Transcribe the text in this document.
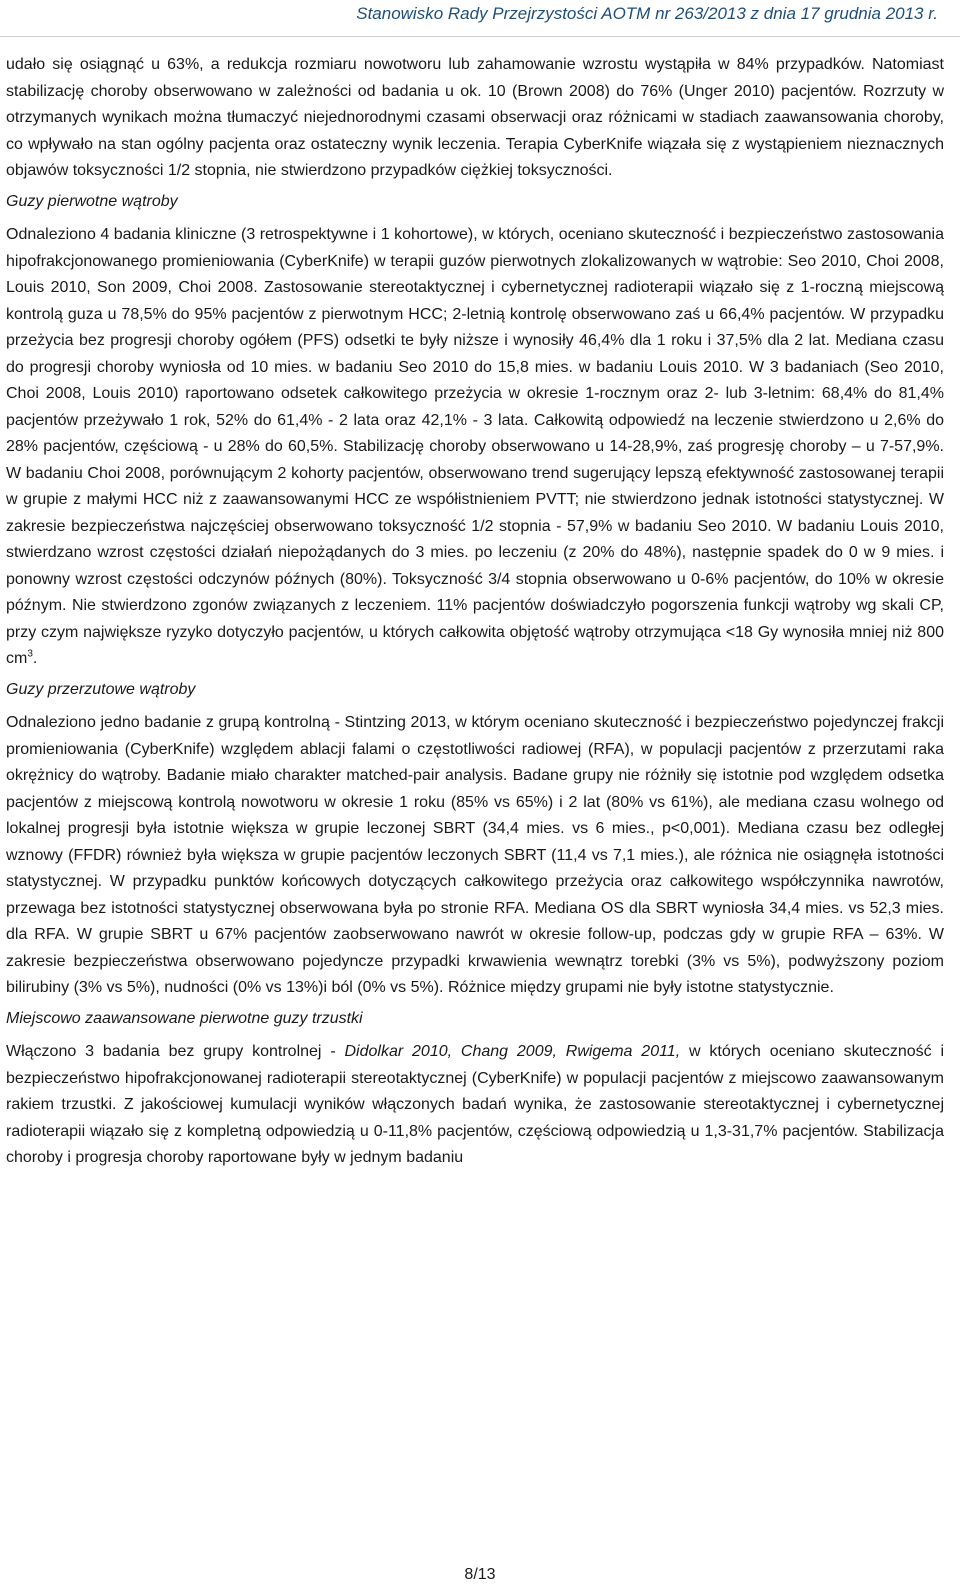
Stanowisko Rady Przejrzystości AOTM nr 263/2013 z dnia 17 grudnia 2013 r.

udało się osiągnąć u 63%, a redukcja rozmiaru nowotworu lub zahamowanie wzrostu wystąpiła w 84% przypadków. Natomiast stabilizację choroby obserwowano w zależności od badania u ok. 10 (Brown 2008) do 76% (Unger 2010) pacjentów. Rozrzuty w otrzymanych wynikach można tłumaczyć niejednorodnymi czasami obserwacji oraz różnicami w stadiach zaawansowania choroby, co wpływało na stan ogólny pacjenta oraz ostateczny wynik leczenia. Terapia CyberKnife wiązała się z wystąpieniem nieznacznych objawów toksyczności 1/2 stopnia, nie stwierdzono przypadków ciężkiej toksyczności.

Guzy pierwotne wątroby

Odnaleziono 4 badania kliniczne (3 retrospektywne i 1 kohortowe), w których, oceniano skuteczność i bezpieczeństwo zastosowania hipofrakcjonowanego promieniowania (CyberKnife) w terapii guzów pierwotnych zlokalizowanych w wątrobie: Seo 2010, Choi 2008, Louis 2010, Son 2009, Choi 2008. Zastosowanie stereotaktycznej i cybernetycznej radioterapii wiązało się z 1-roczną miejscową kontrolą guza u 78,5% do 95% pacjentów z pierwotnym HCC; 2-letnią kontrolę obserwowano zaś u 66,4% pacjentów. W przypadku przeżycia bez progresji choroby ogółem (PFS) odsetki te były niższe i wynosiły 46,4% dla 1 roku i 37,5% dla 2 lat. Mediana czasu do progresji choroby wyniosła od 10 mies. w badaniu Seo 2010 do 15,8 mies. w badaniu Louis 2010. W 3 badaniach (Seo 2010, Choi 2008, Louis 2010) raportowano odsetek całkowitego przeżycia w okresie 1-rocznym oraz 2- lub 3-letnim: 68,4% do 81,4% pacjentów przeżywało 1 rok, 52% do 61,4% - 2 lata oraz 42,1% - 3 lata. Całkowitą odpowiedź na leczenie stwierdzono u 2,6% do 28% pacjentów, częściową - u 28% do 60,5%. Stabilizację choroby obserwowano u 14-28,9%, zaś progresję choroby – u 7-57,9%. W badaniu Choi 2008, porównującym 2 kohorty pacjentów, obserwowano trend sugerujący lepszą efektywność zastosowanej terapii w grupie z małymi HCC niż z zaawansowanymi HCC ze współistnieniem PVTT; nie stwierdzono jednak istotności statystycznej. W zakresie bezpieczeństwa najczęściej obserwowano toksyczność 1/2 stopnia - 57,9% w badaniu Seo 2010. W badaniu Louis 2010, stwierdzano wzrost częstości działań niepożądanych do 3 mies. po leczeniu (z 20% do 48%), następnie spadek do 0 w 9 mies. i ponowny wzrost częstości odczynów późnych (80%). Toksyczność 3/4 stopnia obserwowano u 0-6% pacjentów, do 10% w okresie późnym. Nie stwierdzono zgonów związanych z leczeniem. 11% pacjentów doświadczyło pogorszenia funkcji wątroby wg skali CP, przy czym największe ryzyko dotyczyło pacjentów, u których całkowita objętość wątroby otrzymująca <18 Gy wynosiła mniej niż 800 $cm^3$.

Guzy przerzutowe wątroby

Odnaleziono jedno badanie z grupą kontrolną - Stintzing 2013, w którym oceniano skuteczność i bezpieczeństwo pojedynczej frakcji promieniowania (CyberKnife) względem ablacji falami o częstotliwości radiowej (RFA), w populacji pacjentów z przerzutami raka okrężnicy do wątroby. Badanie miało charakter matched-pair analysis. Badane grupy nie różniły się istotnie pod względem odsetka pacjentów z miejscową kontrolą nowotworu w okresie 1 roku (85% vs 65%) i 2 lat (80% vs 61%), ale mediana czasu wolnego od lokalnej progresji była istotnie większa w grupie leczonej SBRT (34,4 mies. vs 6 mies., p<0,001). Mediana czasu bez odległej wznowy (FFDR) również była większa w grupie pacjentów leczonych SBRT (11,4 vs 7,1 mies.), ale różnica nie osiągnęła istotności statystycznej. W przypadku punktów końcowych dotyczących całkowitego przeżycia oraz całkowitego współczynnika nawrotów, przewaga bez istotności statystycznej obserwowana była po stronie RFA. Mediana OS dla SBRT wyniosła 34,4 mies. vs 52,3 mies. dla RFA. W grupie SBRT u 67% pacjentów zaobserwowano nawrót w okresie follow-up, podczas gdy w grupie RFA – 63%. W zakresie bezpieczeństwa obserwowano pojedyncze przypadki krwawienia wewnątrz torebki (3% vs 5%), podwyższony poziom bilirubiny (3% vs 5%), nudności (0% vs 13%)i ból (0% vs 5%). Różnice między grupami nie były istotne statystycznie.

Miejscowo zaawansowane pierwotne guzy trzustki

Włączono 3 badania bez grupy kontrolnej - Didolkar 2010, Chang 2009, Rwigema 2011, w których oceniano skuteczność i bezpieczeństwo hipofrakcjonowanej radioterapii stereotaktycznej (CyberKnife) w populacji pacjentów z miejscowo zaawansowanym rakiem trzustki. Z jakościowej kumulacji wyników włączonych badań wynika, że zastosowanie stereotaktycznej i cybernetycznej radioterapii wiązało się z kompletną odpowiedzią u 0-11,8% pacjentów, częściową odpowiedzią u 1,3-31,7% pacjentów. Stabilizacja choroby i progresja choroby raportowane były w jednym badaniu

8/13
